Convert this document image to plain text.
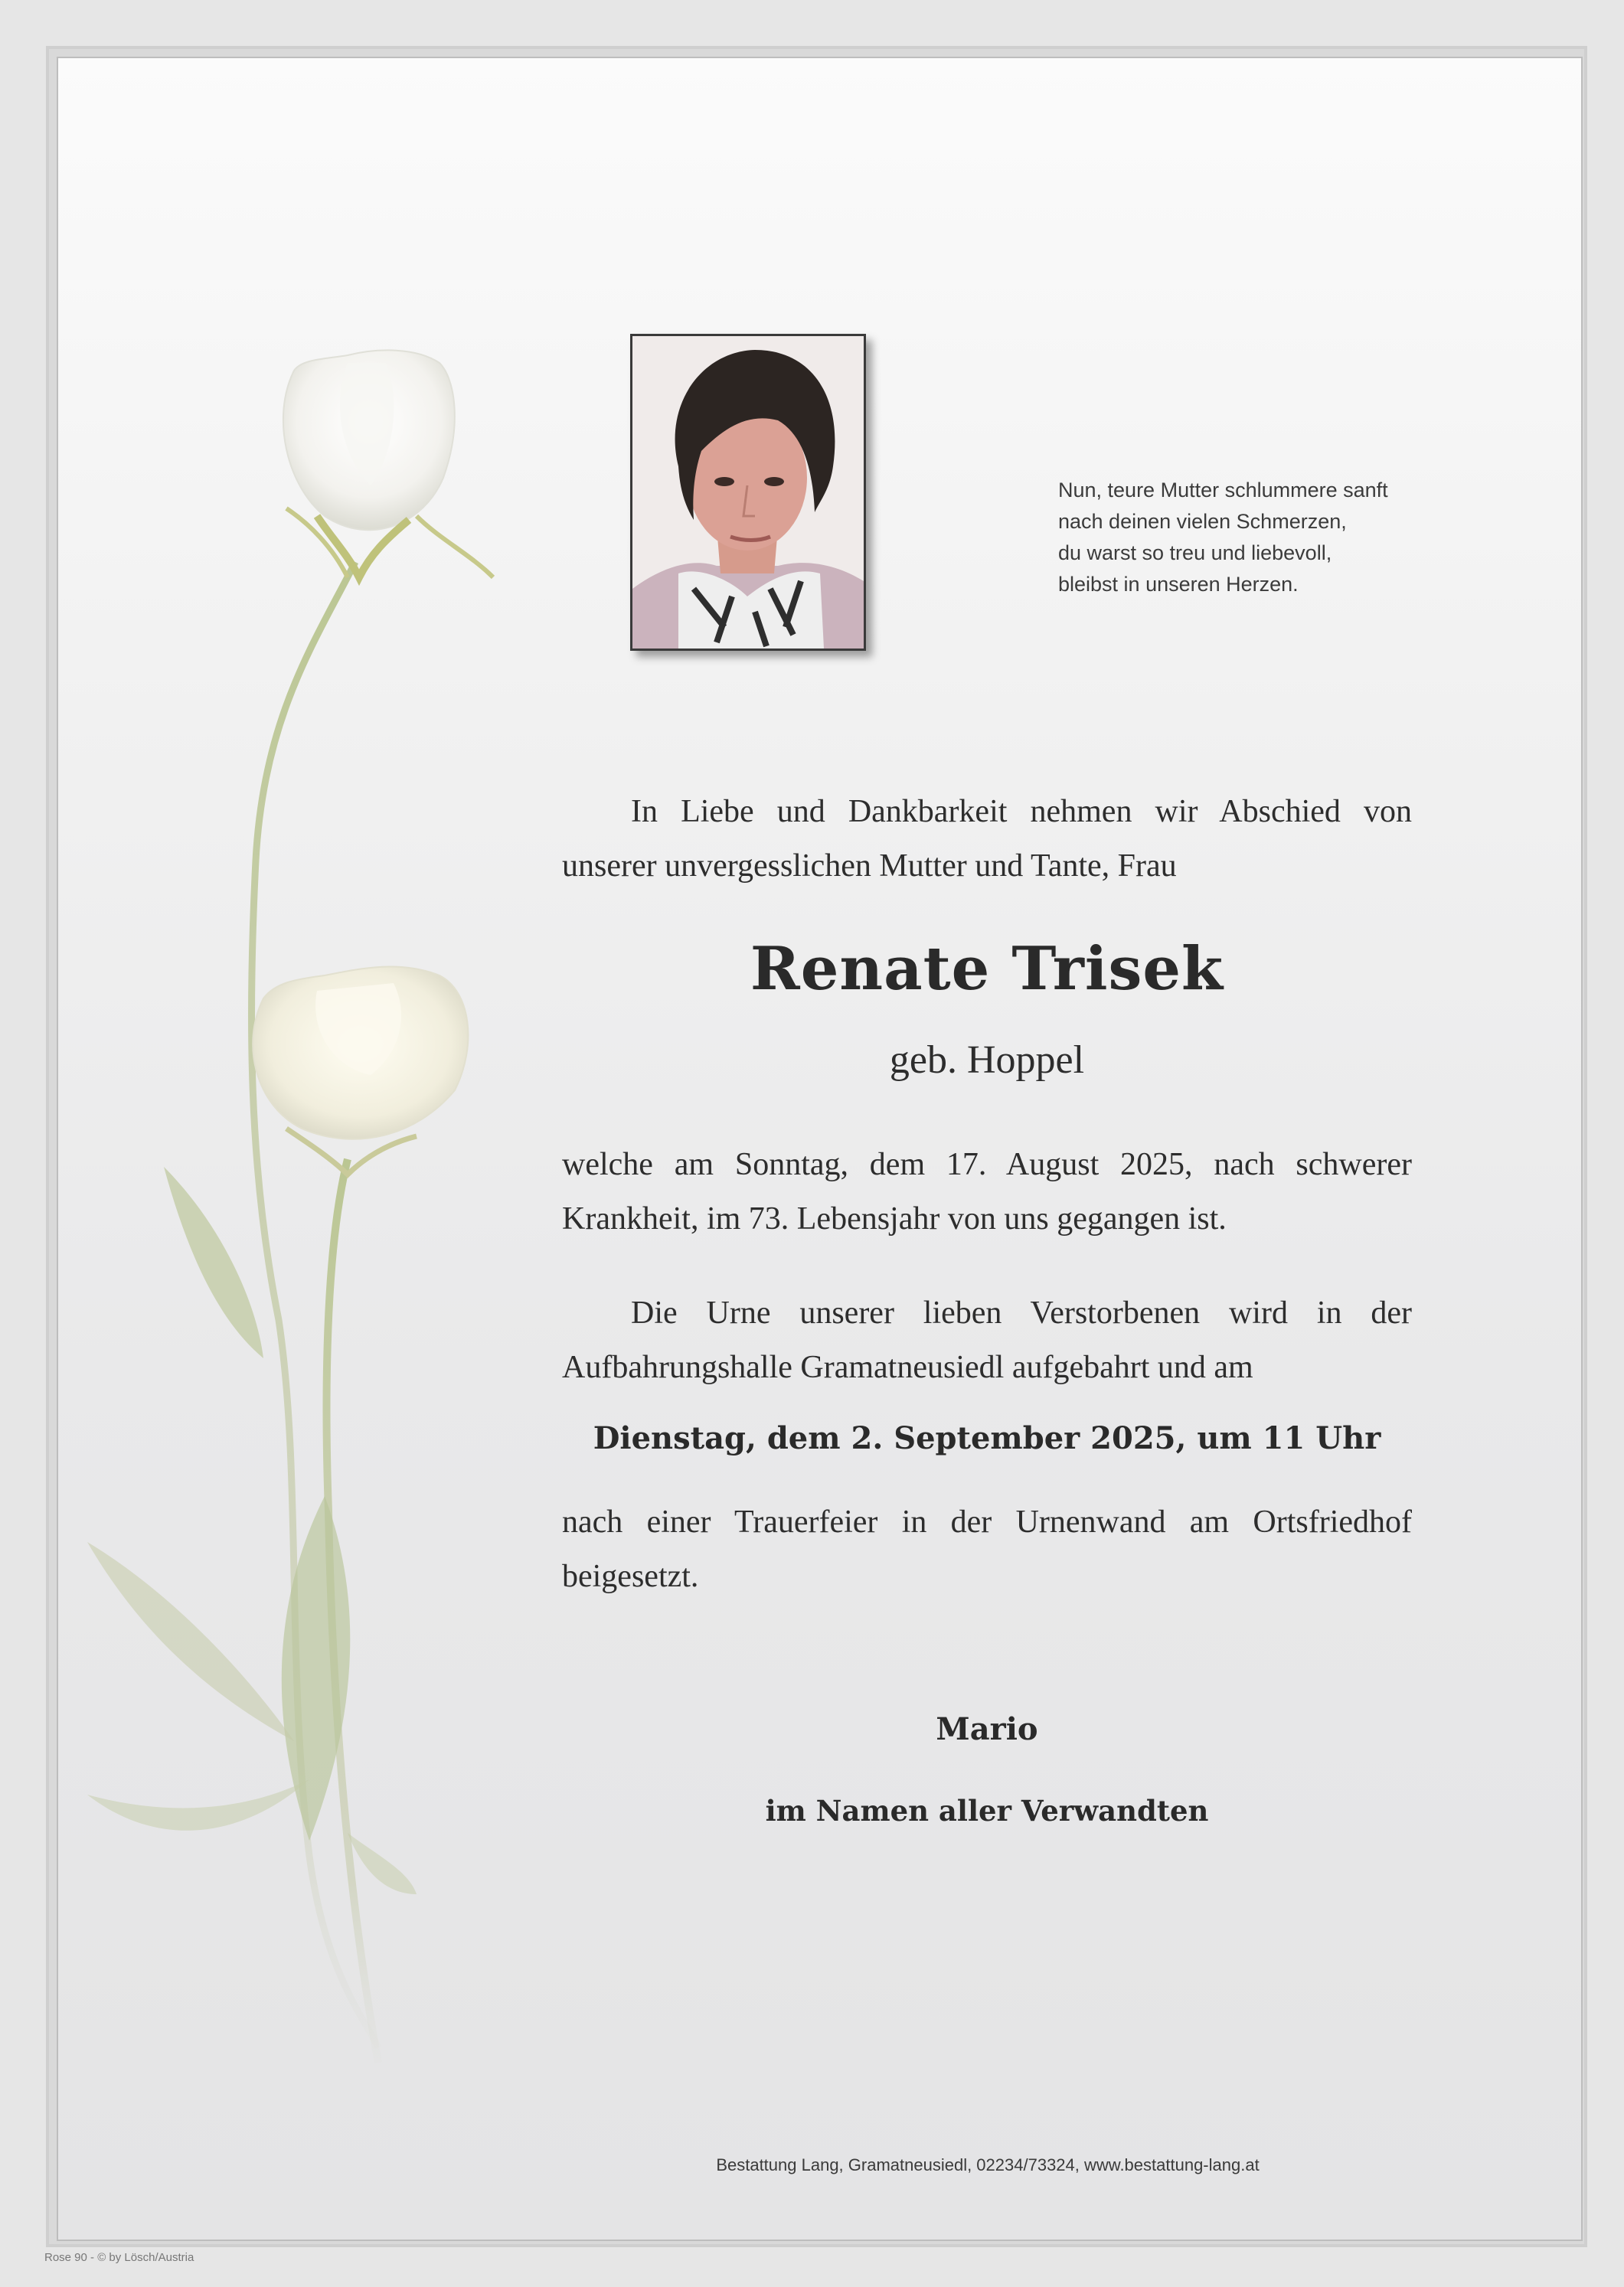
Nun, teure Mutter schlummere sanft
nach deinen vielen Schmerzen,
du warst so treu und liebevoll,
bleibst in unseren Herzen.
In Liebe und Dankbarkeit nehmen wir Abschied von
unserer unvergesslichen Mutter und Tante, Frau
Renate Trisek
geb. Hoppel
welche am Sonntag, dem 17. August 2025, nach schwerer
Krankheit, im 73. Lebensjahr von uns gegangen ist.
Die Urne unserer lieben Verstorbenen wird in der
Aufbahrungshalle Gramatneusiedl aufgebahrt und am
Dienstag, dem 2. September 2025, um 11 Uhr
nach einer Trauerfeier in der Urnenwand am Ortsfriedhof
beigesetzt.
Mario
im Namen aller Verwandten
Bestattung Lang, Gramatneusiedl, 02234/73324, www.bestattung-lang.at
Rose 90 - © by Lösch/Austria
